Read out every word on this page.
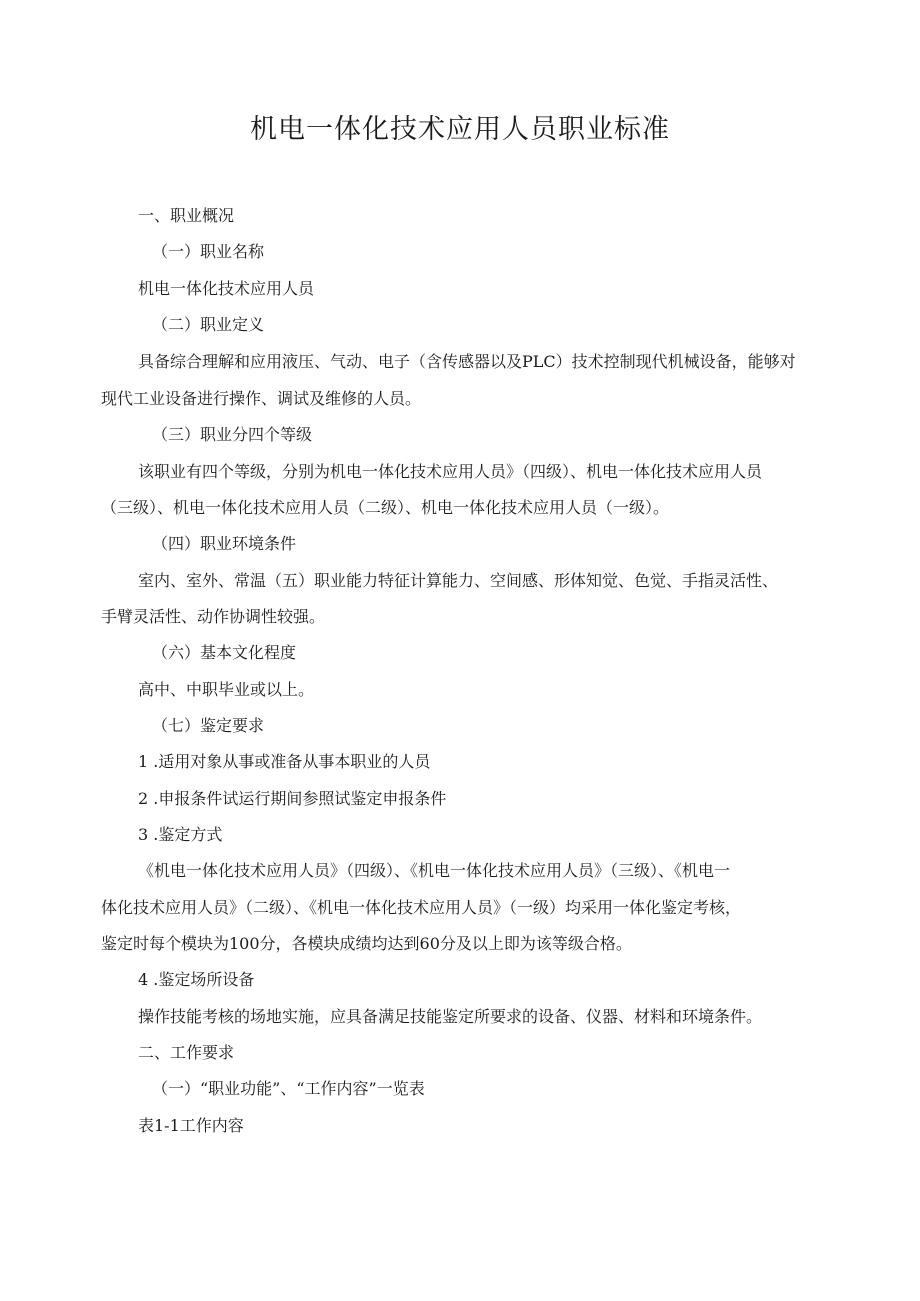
机电一体化技术应用人员职业标准
一、职业概况
（一）职业名称
机电一体化技术应用人员
（二）职业定义
具备综合理解和应用液压、气动、电子（含传感器以及PLC）技术控制现代机械设备，能够对
现代工业设备进行操作、调试及维修的人员。
（三）职业分四个等级
该职业有四个等级，分别为机电一体化技术应用人员》（四级）、机电一体化技术应用人员
（三级）、机电一体化技术应用人员（二级）、机电一体化技术应用人员（一级）。
（四）职业环境条件
室内、室外、常温（五）职业能力特征计算能力、空间感、形体知觉、色觉、手指灵活性、
手臂灵活性、动作协调性较强。
（六）基本文化程度
高中、中职毕业或以上。
（七）鉴定要求
1 .适用对象从事或准备从事本职业的人员
2 .申报条件试运行期间参照试鉴定申报条件
3 .鉴定方式
《机电一体化技术应用人员》（四级）、《机电一体化技术应用人员》（三级）、《机电一
体化技术应用人员》（二级）、《机电一体化技术应用人员》（一级）均采用一体化鉴定考核，
鉴定时每个模块为100分，各模块成绩均达到60分及以上即为该等级合格。
4 .鉴定场所设备
操作技能考核的场地实施，应具备满足技能鉴定所要求的设备、仪器、材料和环境条件。
二、工作要求
（一）“职业功能”、“工作内容”一览表
表1-1工作内容
